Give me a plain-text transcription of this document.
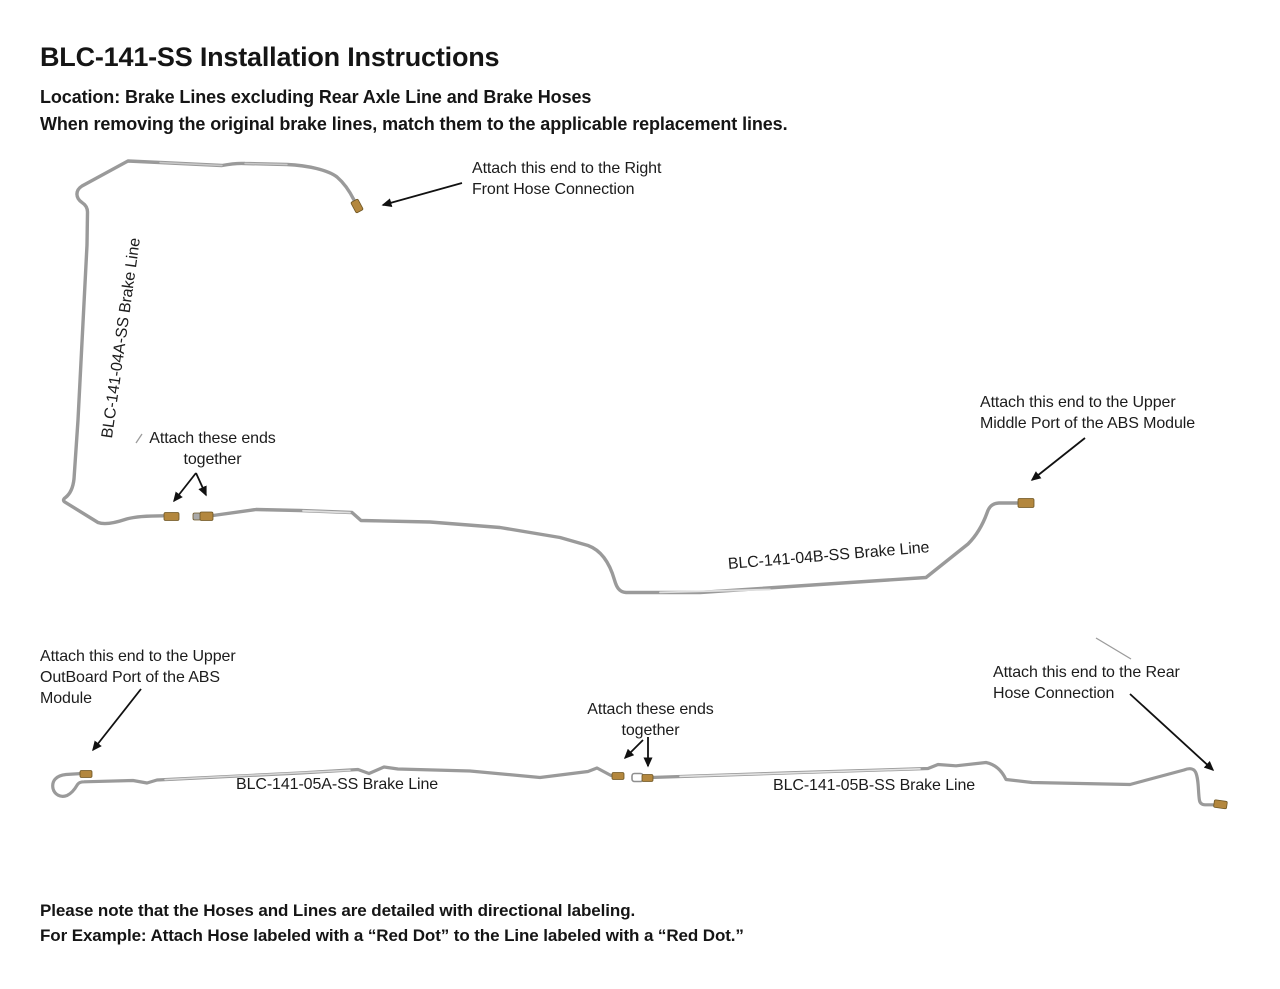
BLC-141-SS Installation Instructions
Location: Brake Lines excluding Rear Axle Line and Brake Hoses
When removing the original brake lines, match them to the applicable replacement lines.
Attach this end to the Right
Front Hose Connection
Attach these ends
together
Attach this end to the Upper
Middle Port of the ABS Module
Attach this end to the Upper
OutBoard Port of the ABS
Module
Attach these ends
together
Attach this end to the Rear
Hose Connection
BLC-141-04A-SS Brake Line
BLC-141-04B-SS Brake Line
BLC-141-05A-SS Brake Line	BLC-141-05B-SS Brake Line
Please note that the Hoses and Lines are detailed with directional labeling.
For Example: Attach Hose labeled with a “Red Dot” to the Line labeled with a “Red Dot.”
